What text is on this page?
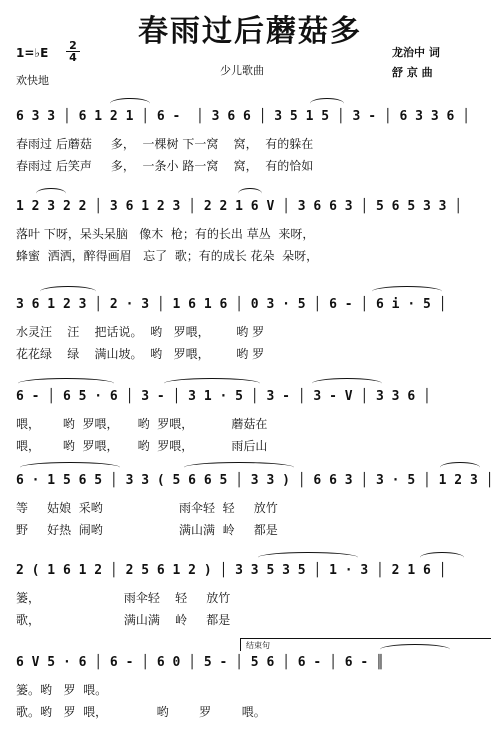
春雨过后蘑菇多
1=♭E
2
4
欢快地
少儿歌曲
龙治中 词
舒 京 曲
6 3 3 │ 6 1 2 1 │ 6 -  │ 3 6 6 │ 3 5 1 5 │ 3 - │ 6 3 3 6 │
春雨过 后蘑菇     多，  一棵树 下一窝    窝，  有的躲在
春雨过 后笑声     多，  一条小 路一窝    窝，  有的恰如
1 2 3 2 2 │ 3 6 1 2 3 │ 2 2 1 6 V │ 3 6 6 3 │ 5 6 5 3 3 │
落叶 下呀，呆头呆脑   像木  枪；有的长出 草丛  来呀，
蜂蜜  洒洒，醉得画眉   忘了  歌；有的成长 花朵  朵呀，
3 6 1 2 3 │ 2 · 3 │ 1 6 1 6 │ 0 3 · 5 │ 6 - │ 6 i · 5 │
水灵汪    汪    把话说。  哟   罗喂，       哟 罗
花花绿    绿    满山坡。  哟   罗喂，       哟 罗
6 - │ 6 5 · 6 │ 3 - │ 3 1 · 5 │ 3 - │ 3 - V │ 3 3 6 │
喂，      哟  罗喂，     哟  罗喂，          蘑菇在
喂，      哟  罗喂，     哟  罗喂，          雨后山
6 · 1 5 6 5 │ 3 3 ( 5 6 6 5 │ 3 3 ) │ 6 6 3 │ 3 · 5 │ 1 2 3 │
等     姑娘  采哟                    雨伞轻  轻     放竹
野     好热  闹哟                    满山满  岭     都是
2 ( 1 6 1 2 │ 2 5 6 1 2 ) │ 3 3 5 3 5 │ 1 · 3 │ 2 1 6 │
篓，                      雨伞轻    轻     放竹
歌，                      满山满    岭     都是
结束句
6 V 5 · 6 │ 6 - │ 6 0 │ 5 - │ 5 6 │ 6 - │ 6 - ║
篓。哟   罗  喂。
歌。哟   罗  喂，             哟        罗        喂。
